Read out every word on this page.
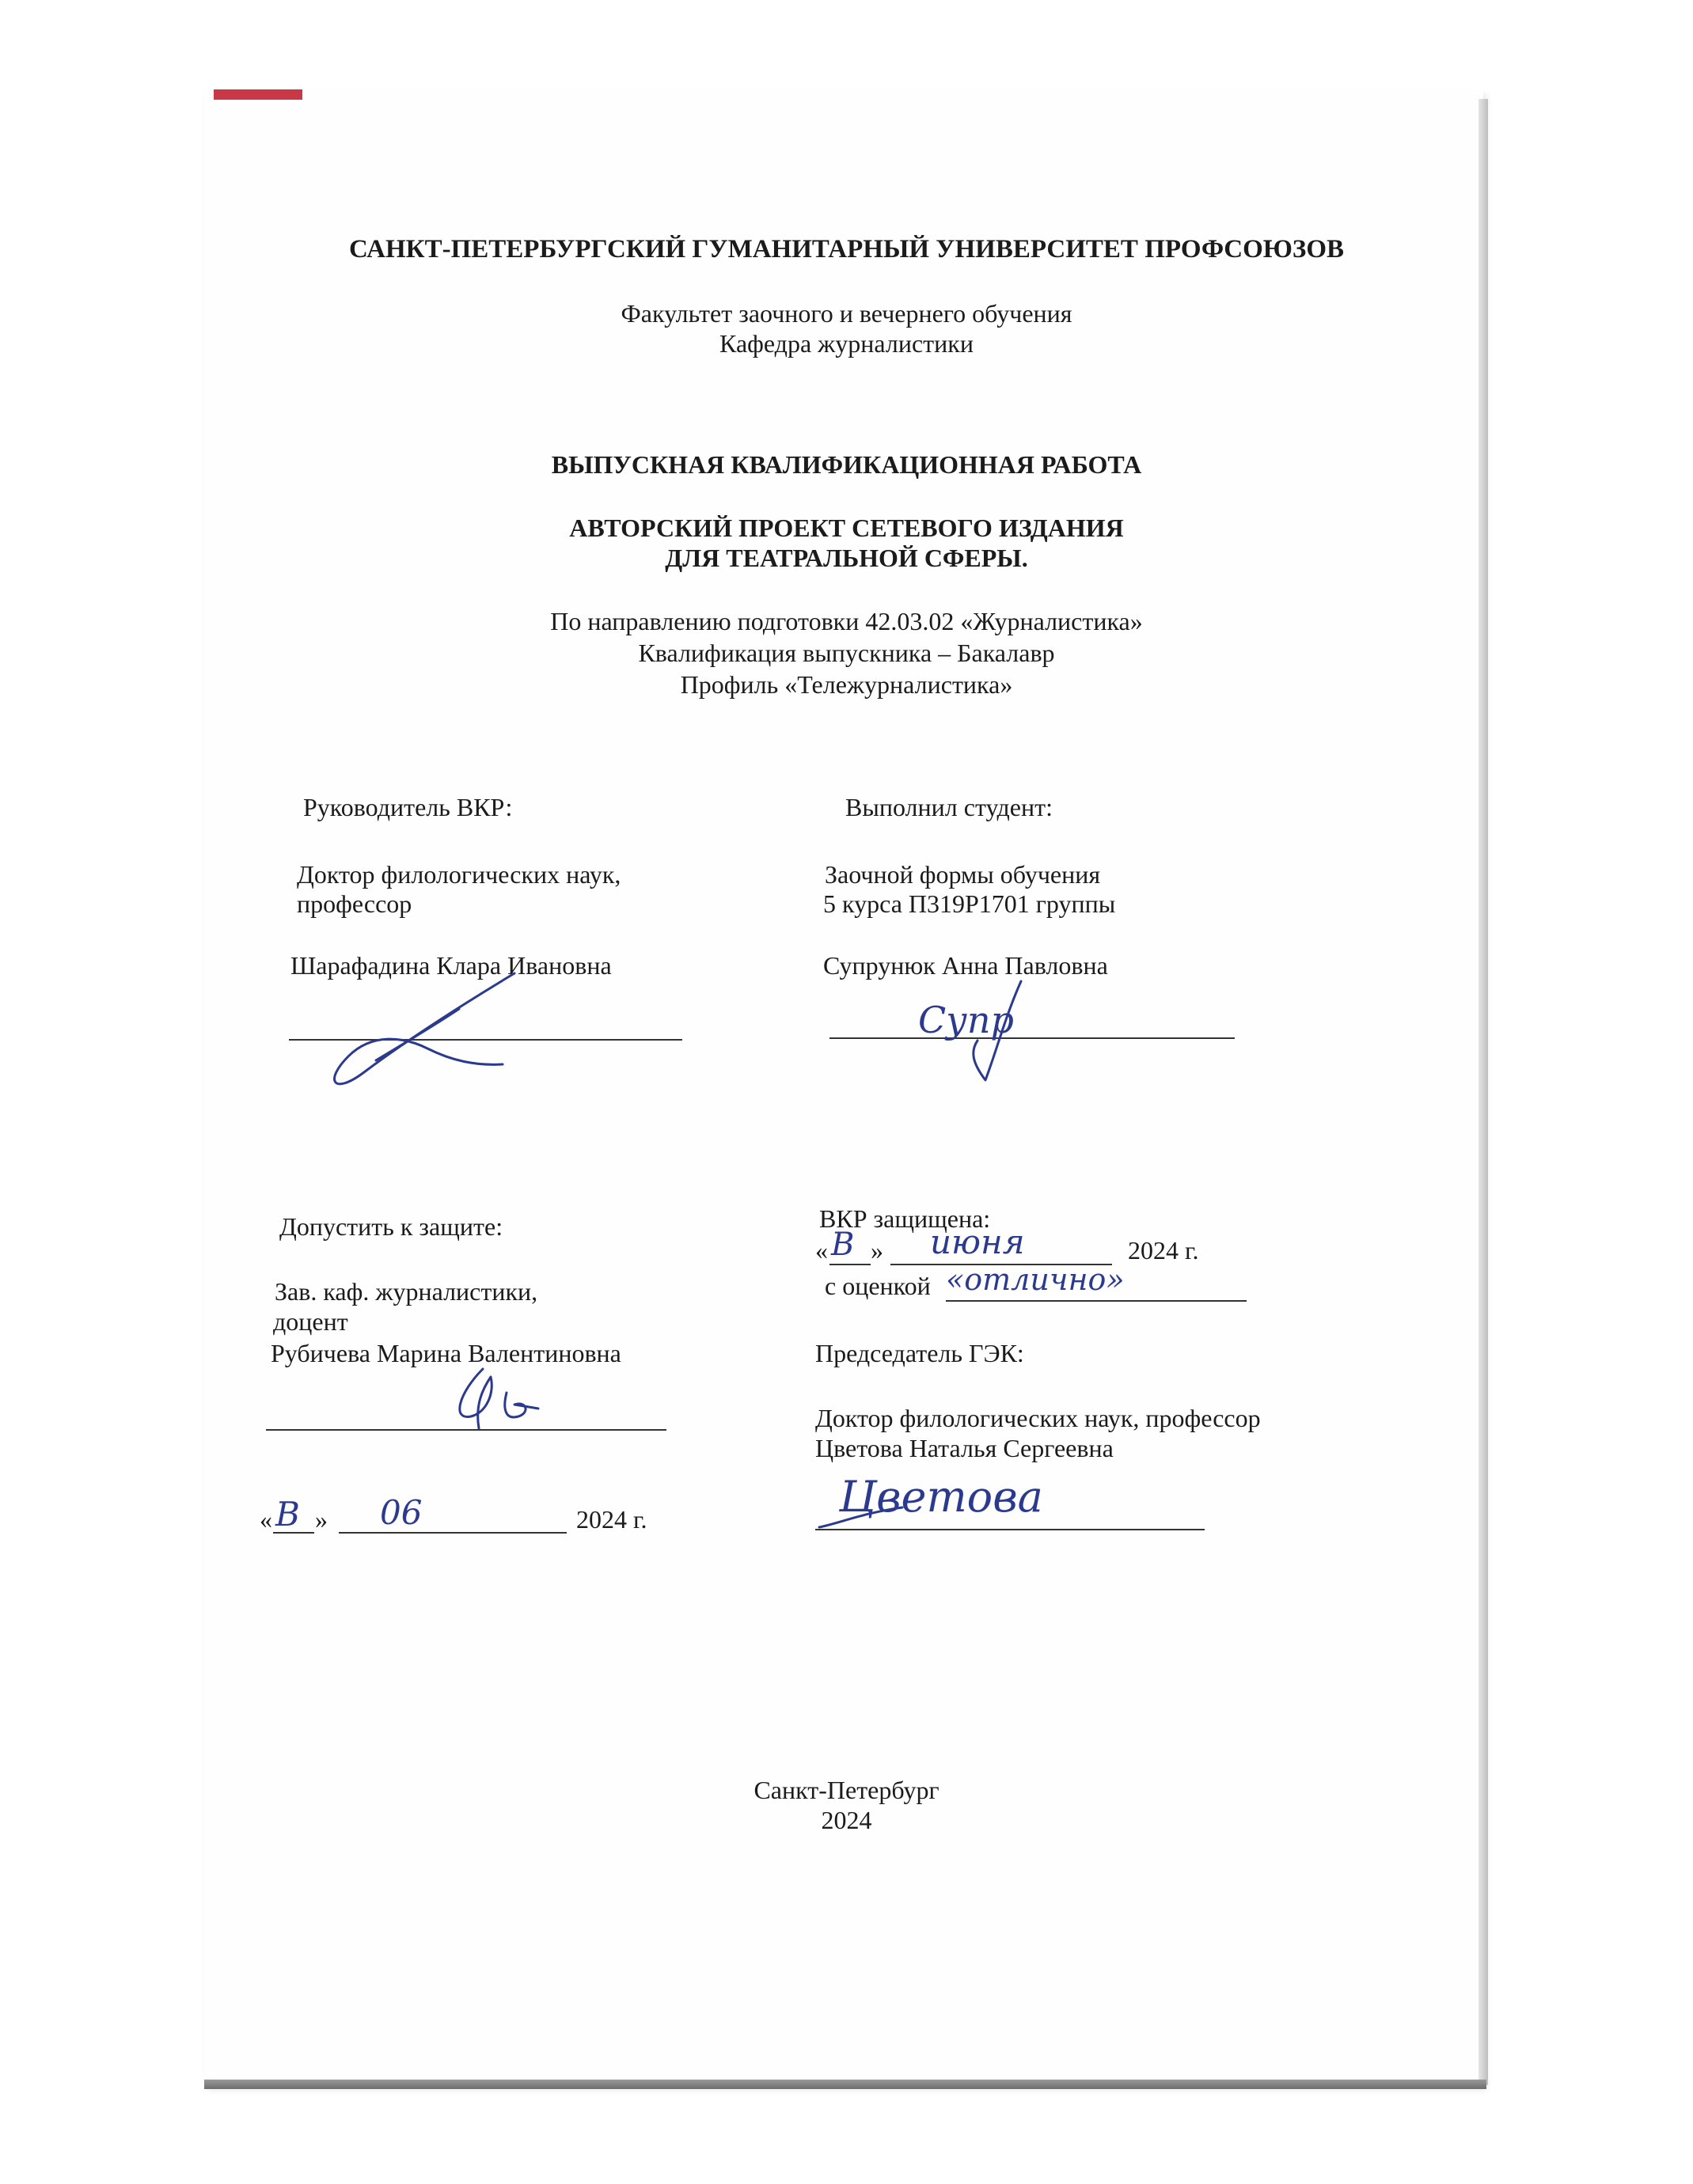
САНКТ-ПЕТЕРБУРГСКИЙ ГУМАНИТАРНЫЙ УНИВЕРСИТЕТ ПРОФСОЮЗОВ
Факультет заочного и вечернего обучения
Кафедра журналистики
ВЫПУСКНАЯ КВАЛИФИКАЦИОННАЯ РАБОТА
АВТОРСКИЙ ПРОЕКТ СЕТЕВОГО ИЗДАНИЯ
ДЛЯ ТЕАТРАЛЬНОЙ СФЕРЫ.
По направлению подготовки 42.03.02 «Журналистика»
Квалификация выпускника – Бакалавр
Профиль «Тележурналистика»
Руководитель ВКР:
Доктор филологических наук,
профессор
Шарафадина Клара Ивановна
Выполнил студент:
Заочной формы обучения
5 курса П319Р1701 группы
Супрунюк Анна Павловна
Супр
Допустить к защите:
Зав. каф. журналистики,
доцент
Рубичева Марина Валентиновна
« В » 06	2024 г.
ВКР защищена:
« В » июня	2024 г.
с оценкой «отлично»
Председатель ГЭК:
Доктор филологических наук, профессор
Цветова Наталья Сергеевна
Цветова
Санкт-Петербург
2024
